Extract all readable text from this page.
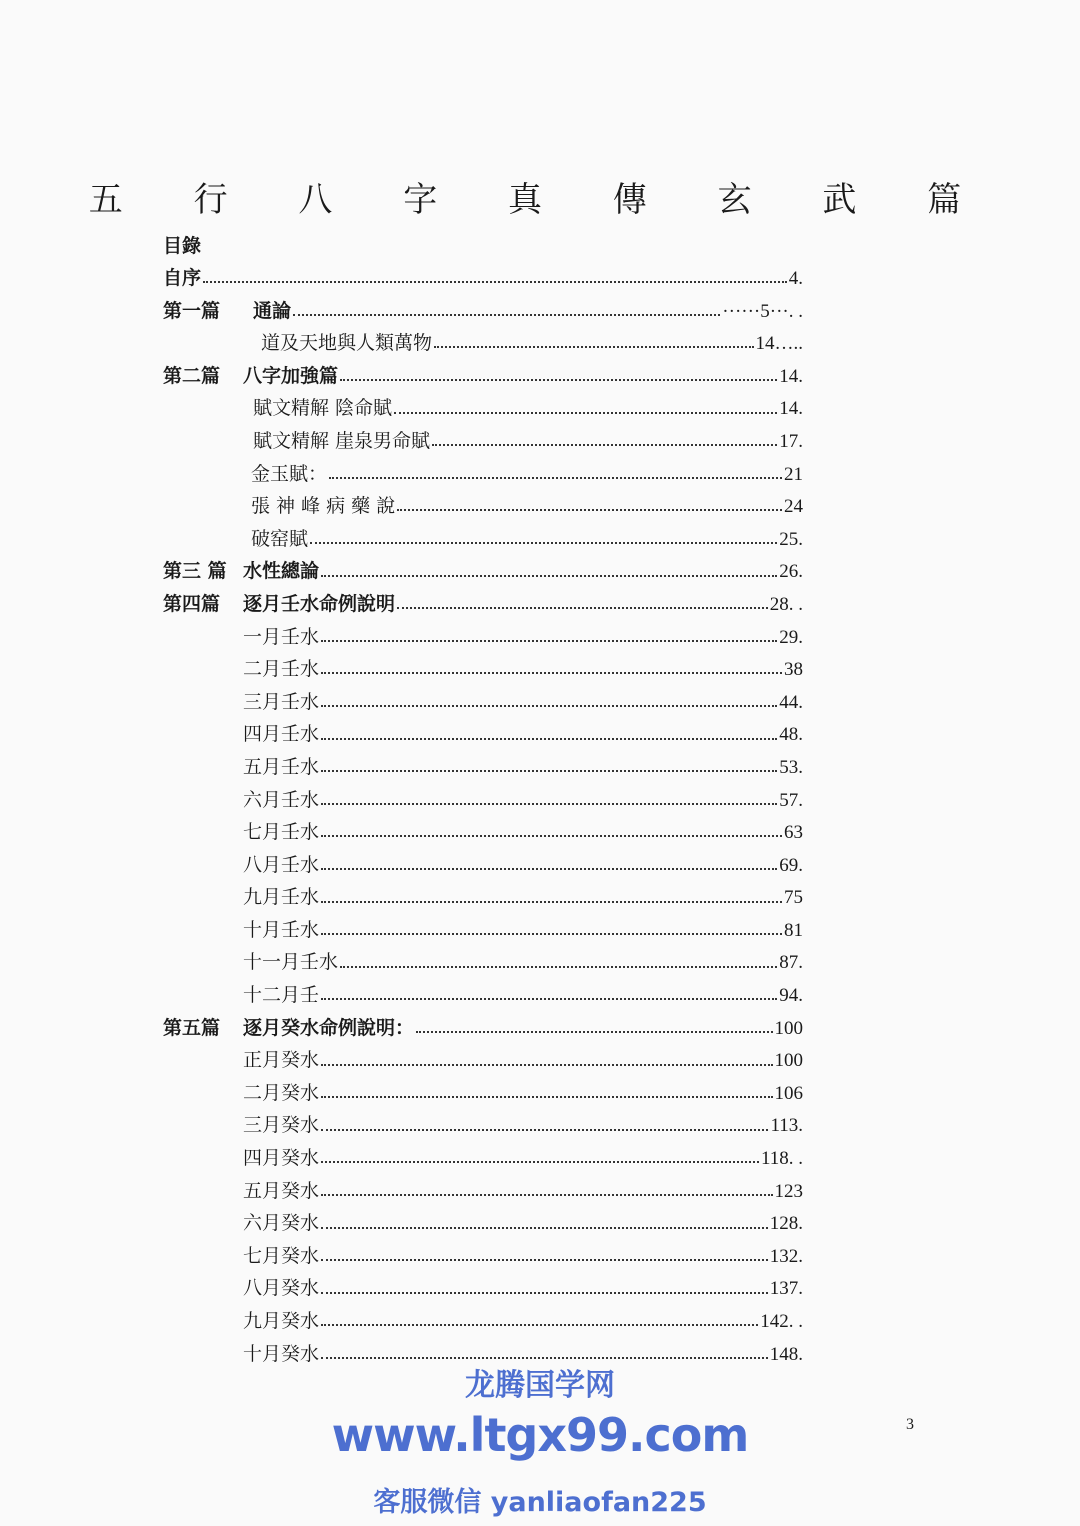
五 行 八 字 真 傳 玄 武 篇
目錄
自序	4.
第一篇	通論	······5···. .
道及天地與人類萬物	14…..
第二篇	八字加強篇	14.
賦文精解 陰命賦	14.
賦文精解 崖泉男命賦	17.
金玉賦：	21
張 神 峰 病 藥 說	24
破窑賦	25.
第三 篇 水性總論	26.
第四篇	逐月壬水命例說明	28. .
一月壬水	29.
二月壬水	38
三月壬水	44.
四月壬水	48.
五月壬水	53.
六月壬水	57.
七月壬水	63
八月壬水	69.
九月壬水	75
十月壬水	81
十一月壬水	87.
十二月壬	94.
第五篇	逐月癸水命例說明：	100
正月癸水	100
二月癸水	106
三月癸水	113.
四月癸水	118. .
五月癸水	123
六月癸水	128.
七月癸水	132.
八月癸水	137.
九月癸水	142. .
十月癸水	148.
3
龙腾国学网
www.ltgx99.com
客服微信 yanliaofan225
